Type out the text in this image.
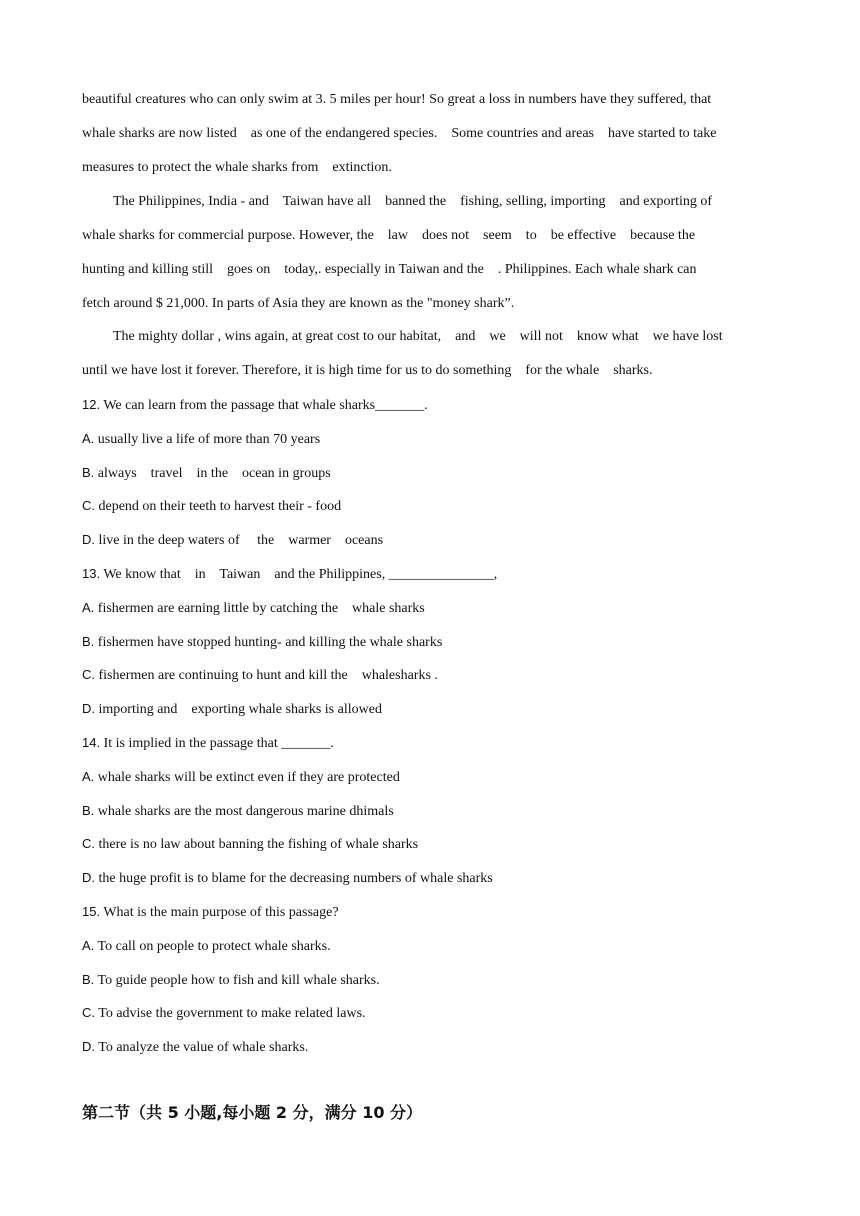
beautiful creatures who can only swim at 3. 5 miles per hour! So great a loss in numbers have they suffered, that
whale sharks are now listed    as one of the endangered species.    Some countries and areas    have started to take
measures to protect the whale sharks from    extinction.
The Philippines, India - and    Taiwan have all    banned the    fishing, selling, importing    and exporting of
whale sharks for commercial purpose. However, the    law    does not    seem    to    be effective    because the
hunting and killing still    goes on    today,. especially in Taiwan and the    . Philippines. Each whale shark can
fetch around $ 21,000. In parts of Asia they are known as the "money shark”.
The mighty dollar , wins again, at great cost to our habitat,    and    we    will not    know what    we have lost
until we have lost it forever. Therefore, it is high time for us to do something    for the whale    sharks.
12. We can learn from the passage that whale sharks_______.
A. usually live a life of more than 70 years
B. always    travel    in the    ocean in groups
C. depend on their teeth to harvest their - food
D. live in the deep waters of     the    warmer    oceans
13. We know that    in    Taiwan    and the Philippines, _______________,
A. fishermen are earning little by catching the    whale sharks
B. fishermen have stopped hunting- and killing the whale sharks
C. fishermen are continuing to hunt and kill the    whalesharks .
D. importing and    exporting whale sharks is allowed
14. It is implied in the passage that _______.
A. whale sharks will be extinct even if they are protected
B. whale sharks are the most dangerous marine dhimals
C. there is no law about banning the fishing of whale sharks
D. the huge profit is to blame for the decreasing numbers of whale sharks
15. What is the main purpose of this passage?
A. To call on people to protect whale sharks.
B. To guide people how to fish and kill whale sharks.
C. To advise the government to make related laws.
D. To analyze the value of whale sharks.
第二节（共 5 小题,每小题 2 分，满分 10 分）
